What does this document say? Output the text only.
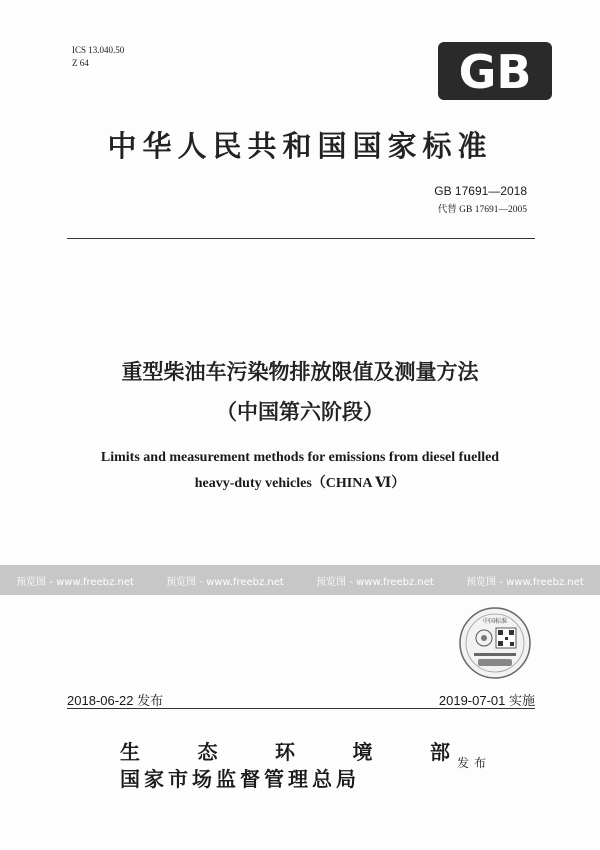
ICS 13.040.50
Z 64	GB
中华人民共和国国家标准
GB 17691—2018
代替 GB 17691—2005
重型柴油车污染物排放限值及测量方法
（中国第六阶段）
Limits and measurement methods for emissions from diesel fuelled
heavy-duty vehicles（CHINA Ⅵ）
预览图 - www.freebz.net	预览图 - www.freebz.net	预览图 - www.freebz.net	预览图 - www.freebz.net
中国标准
2018-06-22 发布	2019-07-01 实施
生	态	环	境	部
国家市场监督管理总局
发布
